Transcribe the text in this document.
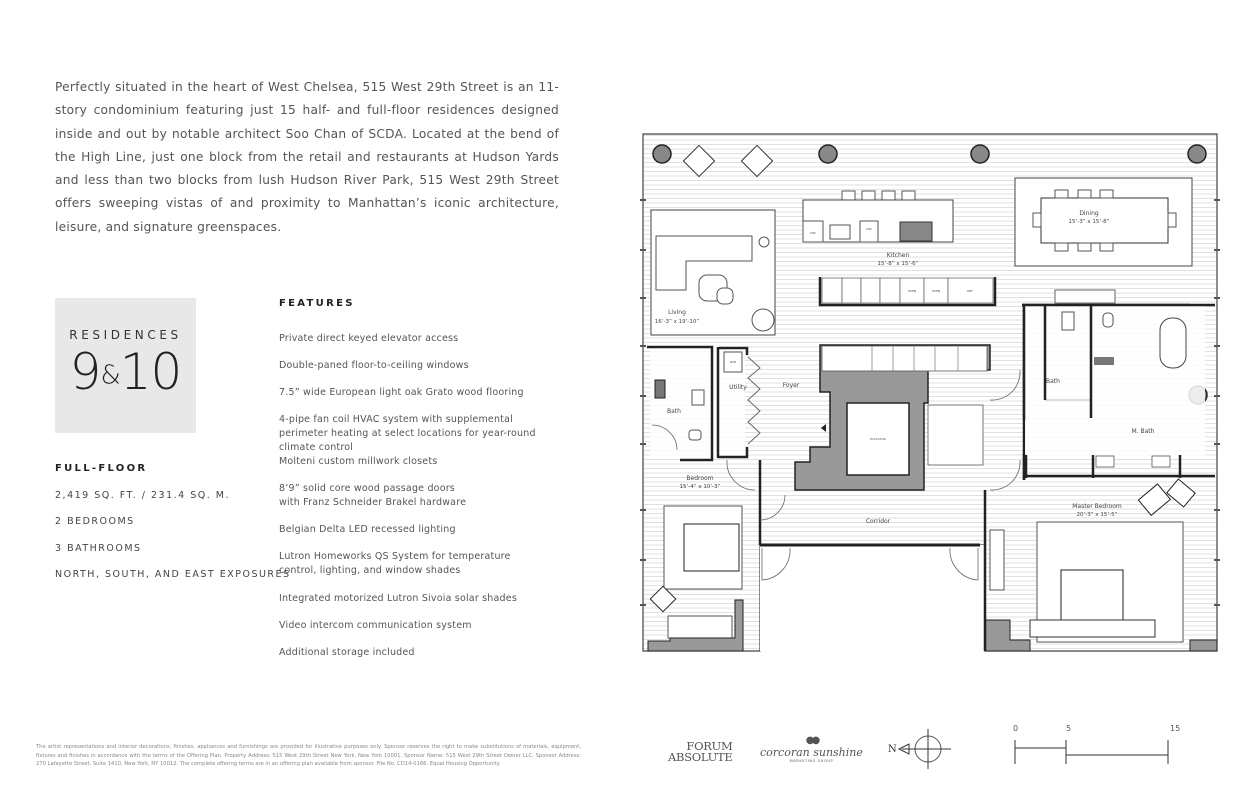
Perfectly situated in the heart of West Chelsea, 515 West 29th Street is an 11-story condominium featuring just 15 half- and full-floor residences designed inside and out by notable architect Soo Chan of SCDA. Located at the bend of the High Line, just one block from the retail and restaurants at Hudson Yards and less than two blocks from lush Hudson River Park, 515 West 29th Street offers sweeping vistas of and proximity to Manhattan’s iconic architecture, leisure, and signature greenspaces.

RESIDENCES
9&10
FULL-FLOOR
2,419 SQ. FT. / 231.4 SQ. M.
2 BEDROOMS
3 BATHROOMS
NORTH, SOUTH, AND EAST EXPOSURES
FEATURES
Private direct keyed elevator access
Double-paned floor-to-ceiling windows
7.5” wide European light oak Grato wood flooring
4-pipe fan coil HVAC system with supplemental perimeter heating at select locations for year-round climate control
Molteni custom millwork closets
8’9” solid core wood passage doors with Franz Schneider Brakel hardware
Belgian Delta LED recessed lighting
Lutron Homeworks QS System for temperature control, lighting, and window shades
Integrated motorized Lutron Sivoia solar shades
Video intercom communication system
Additional storage included
Living
16’-3” x 19’-10”
DW
DW
Kitchen
15’-8” x 15’-6”
OVEN	OVEN	REF
Dining
15’-3” x 15’-8”
Bath
M. Bath
W/D
Bath
Utility	Foyer
ELEVATOR
Bedroom
15’-4” x 10’-3”
Corridor
Master Bedroom
20’-3” x 15’-5”
FORUM
ABSOLUTE
●●
corcoran sunshine
MARKETING GROUP
N
0	5	15
The artist representations and interior decorations, finishes, appliances and furnishings are provided for illustrative purposes only. Sponsor reserves the right to make substitutions of materials, equipment, fixtures and finishes in accordance with the terms of the Offering Plan. Property Address: 515 West 29th Street New York, New York 10001. Sponsor Name: 515 West 29th Street Owner LLC. Sponsor Address: 270 Lafayette Street, Suite 1410, New York, NY 10012. The complete offering terms are in an offering plan available from sponsor. File No. CD14-0166. Equal Housing Opportunity.
